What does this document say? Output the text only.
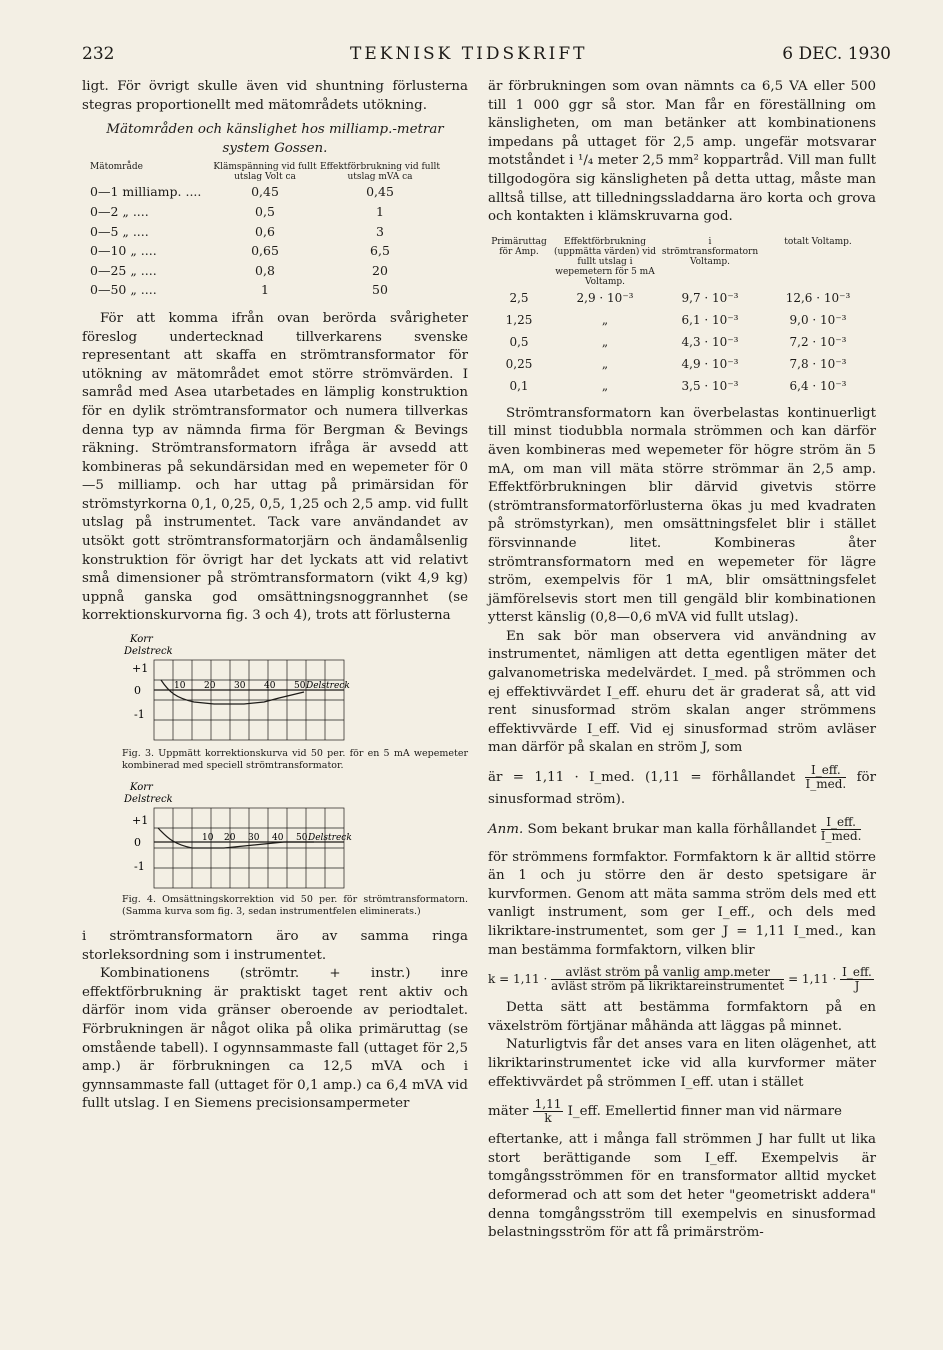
232	TEKNISK TIDSKRIFT	6 DEC. 1930

ligt. För övrigt skulle även vid shuntning förlusterna stegras proportionellt med mätområdets utökning.

Mätområden och känslighet hos milliamp.-metrar system Gossen.

Mätområde	Klämspänning vid fullt utslag Volt ca	Effektförbrukning vid fullt utslag mVA ca
0—1 milliamp. ....	0,45	0,45
0—2 „ ....	0,5	1
0—5 „ ....	0,6	3
0—10 „ ....	0,65	6,5
0—25 „ ....	0,8	20
0—50 „ ....	1	50

För att komma ifrån ovan berörda svårigheter föreslog undertecknad tillverkarens svenske representant att skaffa en strömtransformator för utökning av mätområdet emot större strömvärden. I samråd med Asea utarbetades en lämplig konstruktion för en dylik strömtransformator och numera tillverkas denna typ av nämnda firma för Bergman & Bevings räkning. Strömtransformatorn ifråga är avsedd att kombineras på sekundärsidan med en wepemeter för 0—5 milliamp. och har uttag på primärsidan för strömstyrkorna 0,1, 0,25, 0,5, 1,25 och 2,5 amp. vid fullt utslag på instrumentet. Tack vare användandet av utsökt gott strömtransformatorjärn och ändamålsenlig konstruktion för övrigt har det lyckats att vid relativt små dimensioner på strömtransformatorn (vikt 4,9 kg) uppnå ganska god omsättningsnoggrannhet (se korrektionskurvorna fig. 3 och 4), trots att förlusterna

Korr
Delstreck
+1
0
-1
10 20 30 40 50 Delstreck

Fig. 3. Uppmätt korrektionskurva vid 50 per. för en 5 mA wepemeter kombinerad med speciell strömtransformator.

Korr
Delstreck
+1
0
-1
10 20 30 40 50 Delstreck

Fig. 4. Omsättningskorrektion vid 50 per. för strömtransformatorn. (Samma kurva som fig. 3, sedan instrumentfelen eliminerats.)

i strömtransformatorn äro av samma ringa storleksordning som i instrumentet.

Kombinationens (strömtr. + instr.) inre effektförbrukning är praktiskt taget rent aktiv och därför inom vida gränser oberoende av periodtalet. Förbrukningen är något olika på olika primäruttag (se omstående tabell). I ogynnsammaste fall (uttaget för 2,5 amp.) är förbrukningen ca 12,5 mVA och i gynnsammaste fall (uttaget för 0,1 amp.) ca 6,4 mVA vid fullt utslag. I en Siemens precisionsampermeter

är förbrukningen som ovan nämnts ca 6,5 VA eller 500 till 1 000 ggr så stor. Man får en föreställning om känsligheten, om man betänker att kombinationens impedans på uttaget för 2,5 amp. ungefär motsvarar motståndet i ¹/₄ meter 2,5 mm² koppartråd. Vill man fullt tillgodogöra sig känsligheten på detta uttag, måste man alltså tillse, att tilledningssladdarna äro korta och grova och kontakten i klämskruvarna god.

Primäruttag för Amp.	Effektförbrukning (uppmätta värden) vid fullt utslag i wepemetern för 5 mA Voltamp.	i strömtransformatorn Voltamp.	totalt Voltamp.
2,5	2,9 · 10⁻³	9,7 · 10⁻³	12,6 · 10⁻³
1,25	„	6,1 · 10⁻³	9,0 · 10⁻³
0,5	„	4,3 · 10⁻³	7,2 · 10⁻³
0,25	„	4,9 · 10⁻³	7,8 · 10⁻³
0,1	„	3,5 · 10⁻³	6,4 · 10⁻³

Strömtransformatorn kan överbelastas kontinuerligt till minst tiodubbla normala strömmen och kan därför även kombineras med wepemeter för högre ström än 5 mA, om man vill mäta större strömmar än 2,5 amp. Effektförbrukningen blir därvid givetvis större (strömtransformatorförlusterna ökas ju med kvadraten på strömstyrkan), men omsättningsfelet blir i stället försvinnande litet. Kombineras åter strömtransformatorn med en wepemeter för lägre ström, exempelvis för 1 mA, blir omsättningsfelet jämförelsevis stort men till gengäld blir kombinationen ytterst känslig (0,8—0,6 mVA vid fullt utslag).

En sak bör man observera vid användning av instrumentet, nämligen att detta egentligen mäter det galvanometriska medelvärdet. I_med. på strömmen och ej effektivvärdet I_eff. ehuru det är graderat så, att vid rent sinusformad ström skalan anger strömmens effektivvärde I_eff. Vid ej sinusformad ström avläser man därför på skalan en ström J, som

är = 1,11 · I_med. (1,11 = förhållandet $\frac{\text{I\_eff.}}{\text{I\_med.}}$ för sinusformad ström).
Anm. Som bekant brukar man kalla förhållandet $\frac{\text{I\_eff.}}{\text{I\_med.}}$

för strömmens formfaktor. Formfaktorn k är alltid större än 1 och ju större den är desto spetsigare är kurvformen. Genom att mäta samma ström dels med ett vanligt instrument, som ger I_eff., och dels med likriktare-instrumentet, som ger J = 1,11 I_med., kan man bestämma formfaktorn, vilken blir

$k = 1,11 \cdot \frac{\text{avläst ström på vanlig amp.meter}}{\text{avläst ström på likriktareinstrumentet}} = 1,11 \cdot \frac{\text{I\_eff.}}{J}$

Detta sätt att bestämma formfaktorn på en växelström förtjänar måhända att läggas på minnet.

Naturligtvis får det anses vara en liten olägenhet, att likriktarinstrumentet icke vid alla kurvformer mäter effektivvärdet på strömmen I_eff. utan i stället

mäter $\frac{1,11}{k}$ I_eff. Emellertid finner man vid närmare

eftertanke, att i många fall strömmen J har fullt ut lika stort berättigande som I_eff. Exempelvis är tomgångsströmmen för en transformator alltid mycket deformerad och att som det heter "geometriskt addera" denna tomgångsström till exempelvis en sinusformad belastningsström för att få primärström-
